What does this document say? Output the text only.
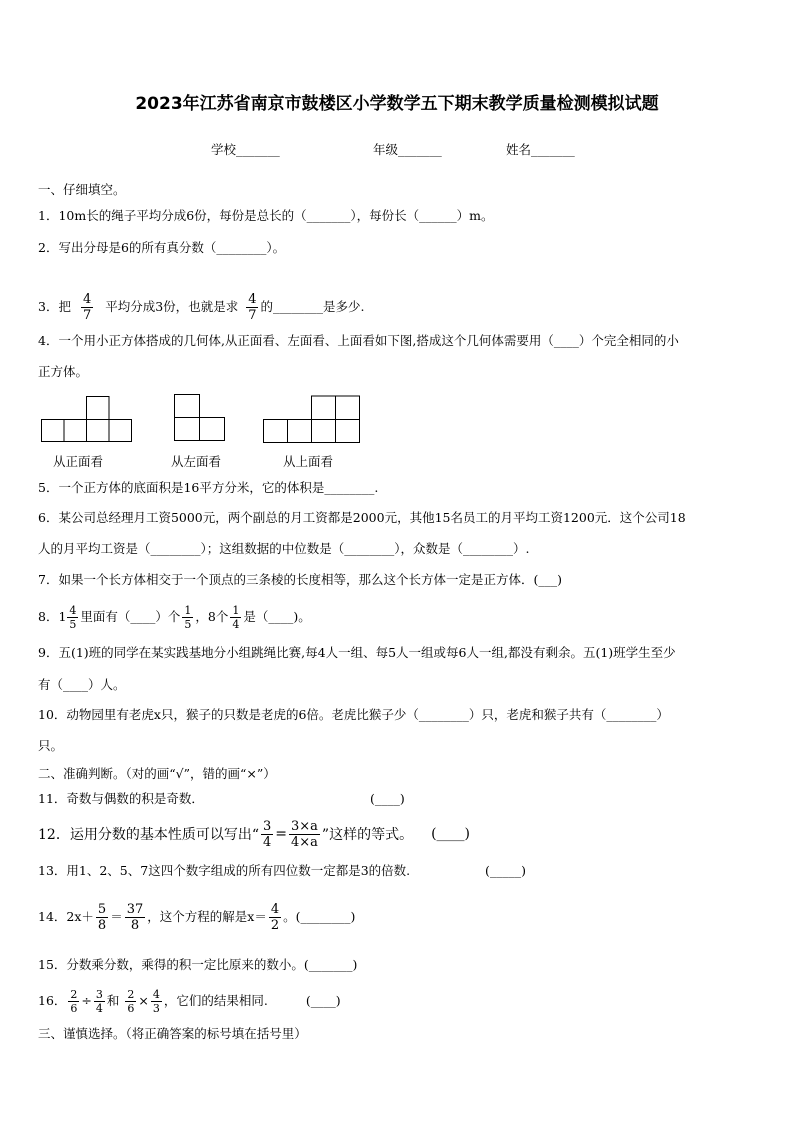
2023年江苏省南京市鼓楼区小学数学五下期末教学质量检测模拟试题
学校_______	年级_______	姓名_______
一、仔细填空。
1．10m长的绳子平均分成6份，每份是总长的（_______），每份长（______）m。
2．写出分母是6的所有真分数（________）。
3．把 $\frac{4}{7}$ 平均分成3份，也就是求 $\frac{4}{7}$ 的________是多少.
4．一个用小正方体搭成的几何体,从正面看、左面看、上面看如下图,搭成这个几何体需要用（____）个完全相同的小
正方体。
从正面看	从左面看	从上面看
5．一个正方体的底面积是16平方分米，它的体积是________.
6．某公司总经理月工资5000元，两个副总的月工资都是2000元，其他15名员工的月平均工资1200元．这个公司18
人的月平均工资是（________）；这组数据的中位数是（________），众数是（________）.
7．如果一个长方体相交于一个顶点的三条棱的长度相等，那么这个长方体一定是正方体．(___)
8．$1 \frac{4}{5}$ 里面有（____）个 $\frac{1}{5}$ ，8个 $\frac{1}{4}$ 是（____)。
9．五(1)班的同学在某实践基地分小组跳绳比赛,每4人一组、每5人一组或每6人一组,都没有剩余。五(1)班学生至少
有（____）人。
10．动物园里有老虎x只，猴子的只数是老虎的6倍。老虎比猴子少（________）只，老虎和猴子共有（________）
只。
二、准确判断。（对的画“√”，错的画“×”）
11．奇数与偶数的积是奇数．	(____)
12．运用分数的基本性质可以写出“ $\frac{3}{4} = \frac{3\times a}{4\times a}$ ”这样的等式。 (____)
13．用1、2、5、7这四个数字组成的所有四位数一定都是3的倍数.	(_____)
14．$2x+ \frac{5}{8} = \frac{37}{8}$ ，这个方程的解是$x= \frac{4}{2}$ 。(________)
15．分数乘分数，乘得的积一定比原来的数小。(_______)
16． $\frac{2}{6} \div \frac{3}{4}$ 和 $\frac{2}{6} \times \frac{4}{3}$ ，它们的结果相同.	(____)
三、谨慎选择。（将正确答案的标号填在括号里）
